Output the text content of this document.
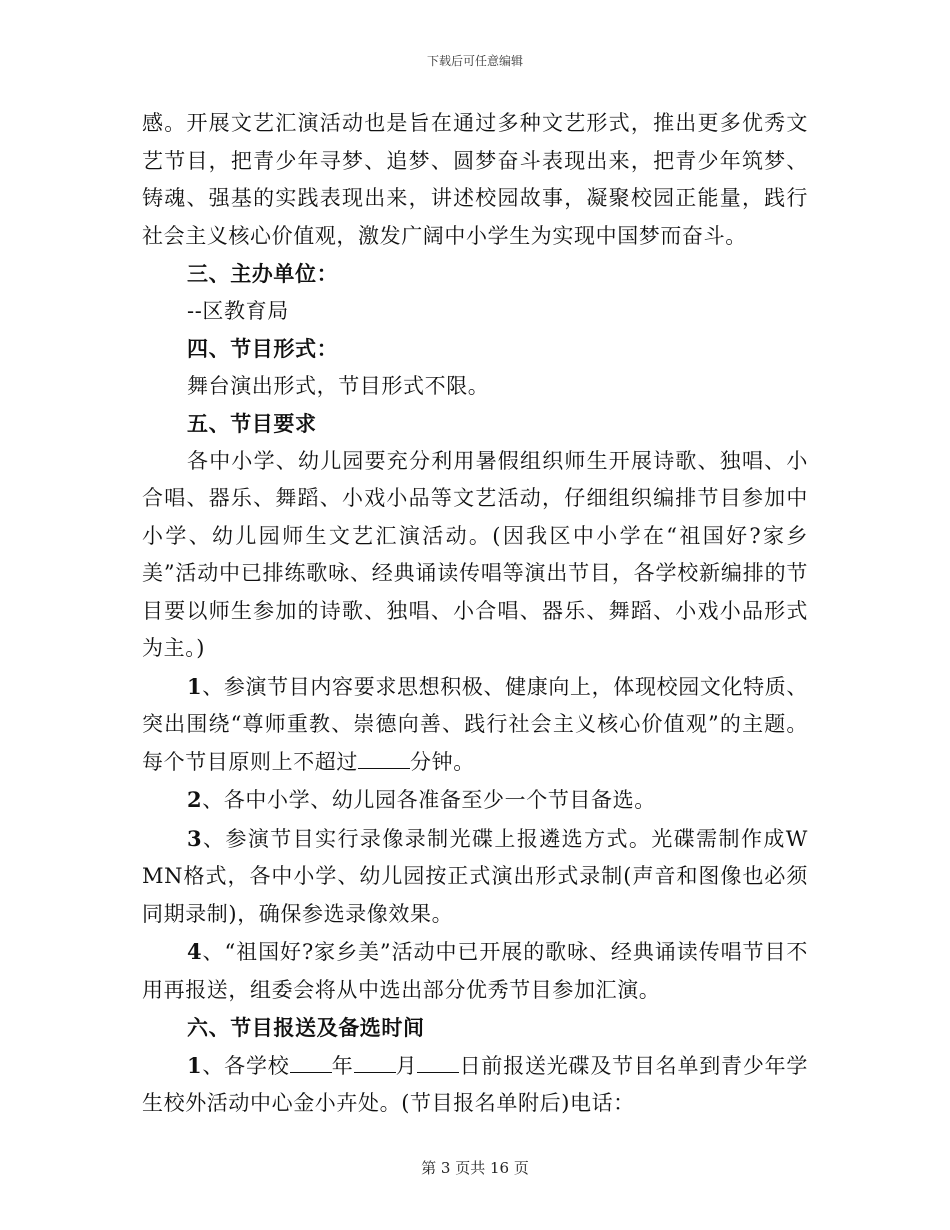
下载后可任意编辑

感。开展文艺汇演活动也是旨在通过多种文艺形式，推出更多优秀文艺节目，把青少年寻梦、追梦、圆梦奋斗表现出来，把青少年筑梦、铸魂、强基的实践表现出来，讲述校园故事，凝聚校园正能量，践行社会主义核心价值观，激发广阔中小学生为实现中国梦而奋斗。

三、主办单位：

--区教育局

四、节目形式：

舞台演出形式，节目形式不限。

五、节目要求

各中小学、幼儿园要充分利用暑假组织师生开展诗歌、独唱、小合唱、器乐、舞蹈、小戏小品等文艺活动，仔细组织编排节目参加中小学、幼儿园师生文艺汇演活动。(因我区中小学在“祖国好?家乡美”活动中已排练歌咏、经典诵读传唱等演出节目，各学校新编排的节目要以师生参加的诗歌、独唱、小合唱、器乐、舞蹈、小戏小品形式为主。)

1、参演节目内容要求思想积极、健康向上，体现校园文化特质、突出围绕“尊师重教、崇德向善、践行社会主义核心价值观”的主题。每个节目原则上不超过 分钟。

2、各中小学、幼儿园各准备至少一个节目备选。

3、参演节目实行录像录制光碟上报遴选方式。光碟需制作成WMN格式，各中小学、幼儿园按正式演出形式录制(声音和图像也必须同期录制)，确保参选录像效果。

4、“祖国好?家乡美”活动中已开展的歌咏、经典诵读传唱节目不用再报送，组委会将从中选出部分优秀节目参加汇演。

六、节目报送及备选时间

1、各学校 年 月 日前报送光碟及节目名单到青少年学生校外活动中心金小卉处。(节目报名单附后)电话：

第 3 页共 16 页
